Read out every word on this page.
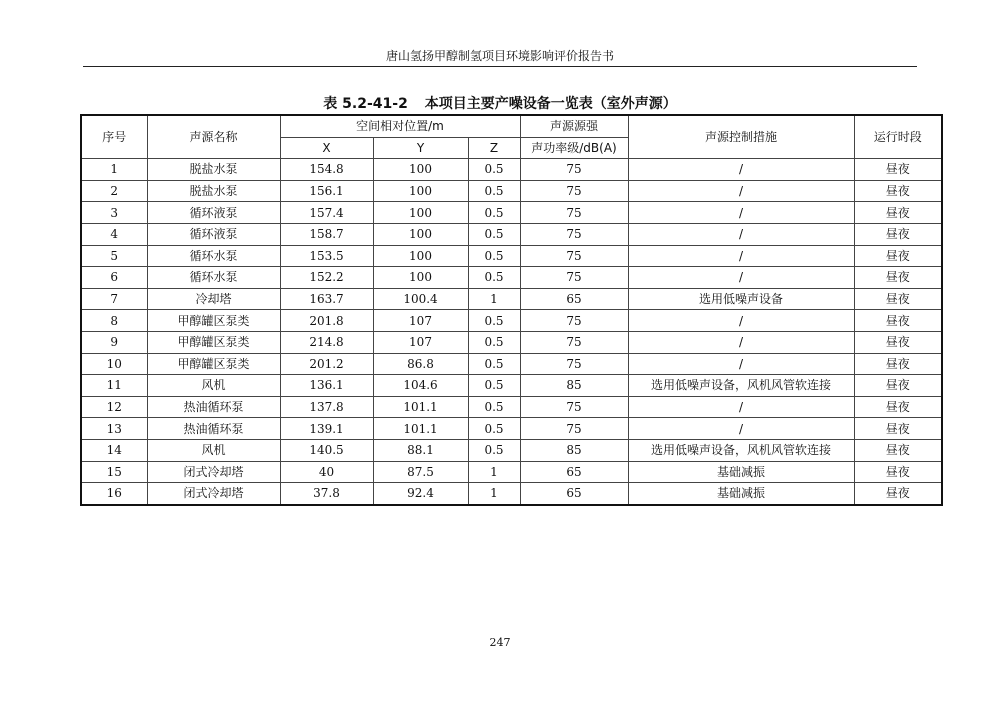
唐山氢扬甲醇制氢项目环境影响评价报告书
表 5.2-41-2 本项目主要产噪设备一览表（室外声源）
序号	声源名称	空间相对位置/m			声源源强	声源控制措施	运行时段
		X	Y	Z	声功率级/dB(A)		
1	脱盐水泵	154.8	100	0.5	75	/	昼夜
2	脱盐水泵	156.1	100	0.5	75	/	昼夜
3	循环液泵	157.4	100	0.5	75	/	昼夜
4	循环液泵	158.7	100	0.5	75	/	昼夜
5	循环水泵	153.5	100	0.5	75	/	昼夜
6	循环水泵	152.2	100	0.5	75	/	昼夜
7	冷却塔	163.7	100.4	1	65	选用低噪声设备	昼夜
8	甲醇罐区泵类	201.8	107	0.5	75	/	昼夜
9	甲醇罐区泵类	214.8	107	0.5	75	/	昼夜
10	甲醇罐区泵类	201.2	86.8	0.5	75	/	昼夜
11	风机	136.1	104.6	0.5	85	选用低噪声设备，风机风管软连接	昼夜
12	热油循环泵	137.8	101.1	0.5	75	/	昼夜
13	热油循环泵	139.1	101.1	0.5	75	/	昼夜
14	风机	140.5	88.1	0.5	85	选用低噪声设备，风机风管软连接	昼夜
15	闭式冷却塔	40	87.5	1	65	基础减振	昼夜
16	闭式冷却塔	37.8	92.4	1	65	基础减振	昼夜
247
